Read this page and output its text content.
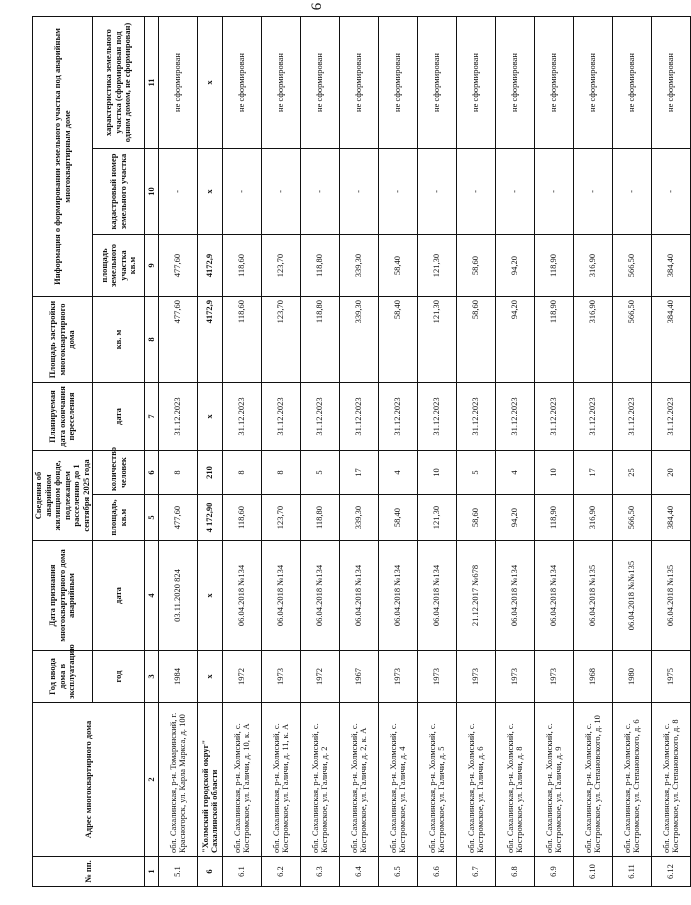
9
№ пп.	Адрес многоквартирного дома	Год ввода дома в эксплуатацию	Дата признания многоквартирного дома аварийным	Сведения об аварийном жилищном фонде, подлежащем расселению до 1 сентября 2025 года		Планируемая дата окончания переселения	Площадь застройки многоквартирного дома	Информация о формировании земельного участка под аварийным многоквартирным доме		
		год	дата	площадь, кв.м	количество человек	дата	кв. м	площадь земельного участка кв.м	кадастровый номер земельного участка	характеристика земельного участка (сформирован под одним домом, не сформирован)
1	2	3	4	5	6	7	8	9	10	11
5.1	обл. Сахалинская, р-н. Томаринский, г. Красногорск, ул. Карла Маркса, д. 100	1984	03.11.2020 824	477,60	8	31.12.2023	477,60	477,60	-	не сформирован
6	"Холмский городской округ" Сахалинской области	x	x	4 172,90	210	x	4172,9	4172,9	x	x
6.1	обл. Сахалинская, р-н. Холмский, с. Костромское, ул. Галичи, д. 10, к. А	1972	06.04.2018 №134	118,60	8	31.12.2023	118,60	118,60	-	не сформирован
6.2	обл. Сахалинская, р-н. Холмский, с. Костромское, ул. Галичи, д. 11, к. А	1973	06.04.2018 №134	123,70	8	31.12.2023	123,70	123,70	-	не сформирован
6.3	обл. Сахалинская, р-н. Холмский, с. Костромское, ул. Галичи, д. 2	1972	06.04.2018 №134	118,80	5	31.12.2023	118,80	118,80	-	не сформирован
6.4	обл. Сахалинская, р-н. Холмский, с. Костромское, ул. Галичи, д. 2, к. А	1967	06.04.2018 №134	339,30	17	31.12.2023	339,30	339,30	-	не сформирован
6.5	обл. Сахалинская, р-н. Холмский, с. Костромское, ул. Галичи, д. 4	1973	06.04.2018 №134	58,40	4	31.12.2023	58,40	58,40	-	не сформирован
6.6	обл. Сахалинская, р-н. Холмский, с. Костромское, ул. Галичи, д. 5	1973	06.04.2018 №134	121,30	10	31.12.2023	121,30	121,30	-	не сформирован
6.7	обл. Сахалинская, р-н. Холмский, с. Костромское, ул. Галичи, д. 6	1973	21.12.2017 №678	58,60	5	31.12.2023	58,60	58,60	-	не сформирован
6.8	обл. Сахалинская, р-н. Холмский, с. Костромское, ул. Галичи, д. 8	1973	06.04.2018 №134	94,20	4	31.12.2023	94,20	94,20	-	не сформирован
6.9	обл. Сахалинская, р-н. Холмский, с. Костромское, ул. Галичи, д. 9	1973	06.04.2018 №134	118,90	10	31.12.2023	118,90	118,90	-	не сформирован
6.10	обл. Сахалинская, р-н. Холмский, с. Костромское, ул. Степановского, д. 10	1968	06.04.2018 №135	316,90	17	31.12.2023	316,90	316,90	-	не сформирован
6.11	обл. Сахалинская, р-н. Холмский, с. Костромское, ул. Степановского, д. 6	1980	06.04.2018 №№135	566,50	25	31.12.2023	566,50	566,50	-	не сформирован
6.12	обл. Сахалинская, р-н. Холмский, с. Костромское, ул. Степановского, д. 8	1975	06.04.2018 №135	384,40	20	31.12.2023	384,40	384,40	-	не сформирован
